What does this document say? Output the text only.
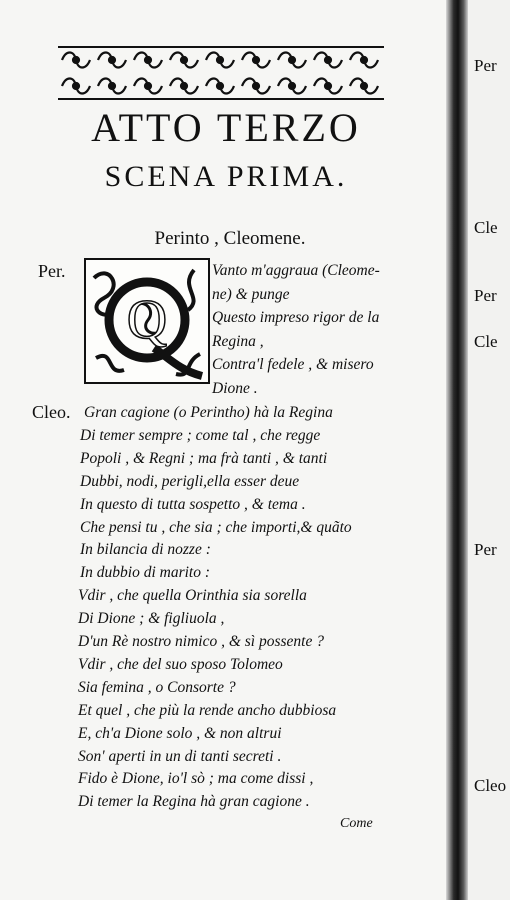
ATTO TERZO
SCENA PRIMA.
Perinto , Cleomene.
Per.
Q
Vanto m'aggraua (Cleome-
ne) & punge
Questo impreso rigor de la
Regina ,
Contra'l fedele , & misero
Dione .
Cleo. Gran cagione (o Perintho) hà la Regina
Di temer sempre ; come tal , che regge
Popoli , & Regni ; ma frà tanti , & tanti
Dubbi, nodi, perigli,ella esser deue
In questo di tutta sospetto , & tema .
Che pensi tu , che sia ; che importi,& quãto
In bilancia di nozze :
In dubbio di marito :
Vdir , che quella Orinthia sia sorella
Di Dione ; & figliuola ,
D'un Rè nostro nimico , & sì possente ?
Vdir , che del suo sposo Tolomeo
Sia femina , o Consorte ?
Et quel , che più la rende ancho dubbiosa
E, ch'a Dione solo , & non altrui
Son' aperti in un di tanti secreti .
Fido è Dione, io'l sò ; ma come dissi ,
Di temer la Regina hà gran cagione .
Come
Per
Cle
Per
Cle
Per
Cleo
